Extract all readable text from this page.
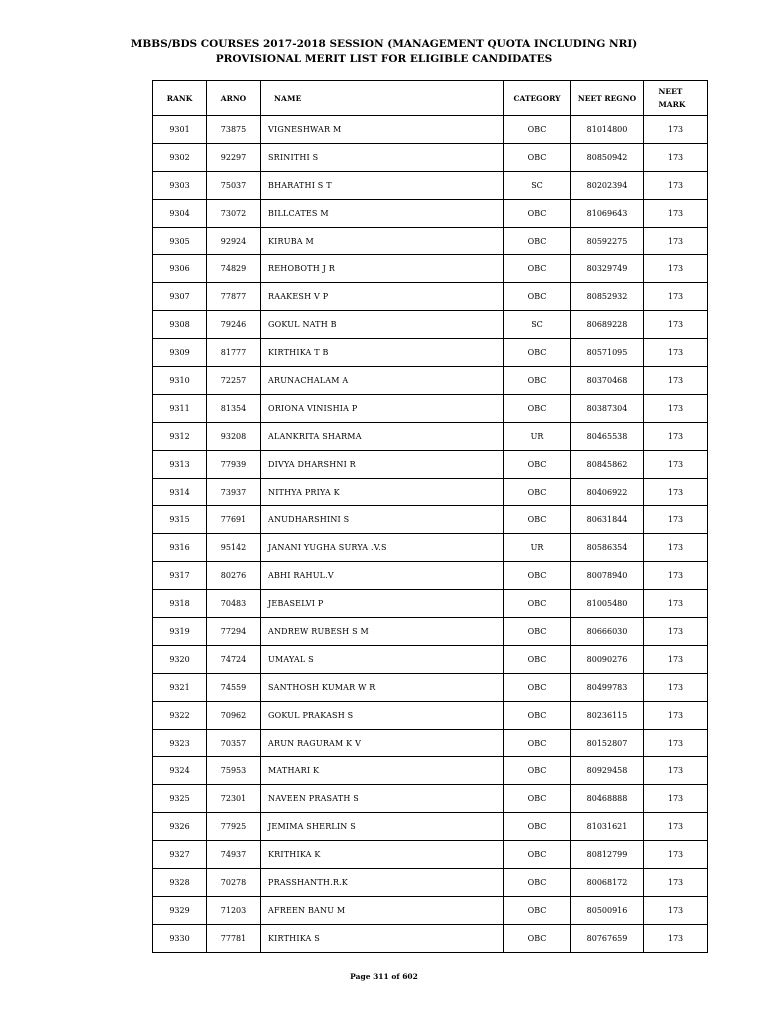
MBBS/BDS COURSES 2017-2018 SESSION (MANAGEMENT QUOTA INCLUDING NRI)
PROVISIONAL MERIT LIST FOR ELIGIBLE CANDIDATES
RANK	ARNO	NAME	CATEGORY	NEET REGNO	NEET MARK
9301	73875	VIGNESHWAR M	OBC	81014800	173
9302	92297	SRINITHI S	OBC	80850942	173
9303	75037	BHARATHI S T	SC	80202394	173
9304	73072	BILLCATES M	OBC	81069643	173
9305	92924	KIRUBA M	OBC	80592275	173
9306	74829	REHOBOTH J R	OBC	80329749	173
9307	77877	RAAKESH V P	OBC	80852932	173
9308	79246	GOKUL NATH B	SC	80689228	173
9309	81777	KIRTHIKA T B	OBC	80571095	173
9310	72257	ARUNACHALAM A	OBC	80370468	173
9311	81354	ORIONA VINISHIA P	OBC	80387304	173
9312	93208	ALANKRITA SHARMA	UR	80465538	173
9313	77939	DIVYA DHARSHNI R	OBC	80845862	173
9314	73937	NITHYA PRIYA K	OBC	80406922	173
9315	77691	ANUDHARSHINI S	OBC	80631844	173
9316	95142	JANANI YUGHA SURYA .V.S	UR	80586354	173
9317	80276	ABHI RAHUL.V	OBC	80078940	173
9318	70483	JEBASELVI P	OBC	81005480	173
9319	77294	ANDREW RUBESH S M	OBC	80666030	173
9320	74724	UMAYAL S	OBC	80090276	173
9321	74559	SANTHOSH KUMAR W R	OBC	80499783	173
9322	70962	GOKUL PRAKASH S	OBC	80236115	173
9323	70357	ARUN RAGURAM K V	OBC	80152807	173
9324	75953	MATHARI K	OBC	80929458	173
9325	72301	NAVEEN PRASATH S	OBC	80468888	173
9326	77925	JEMIMA SHERLIN S	OBC	81031621	173
9327	74937	KRITHIKA K	OBC	80812799	173
9328	70278	PRASSHANTH.R.K	OBC	80068172	173
9329	71203	AFREEN BANU M	OBC	80500916	173
9330	77781	KIRTHIKA S	OBC	80767659	173
Page 311 of 602
